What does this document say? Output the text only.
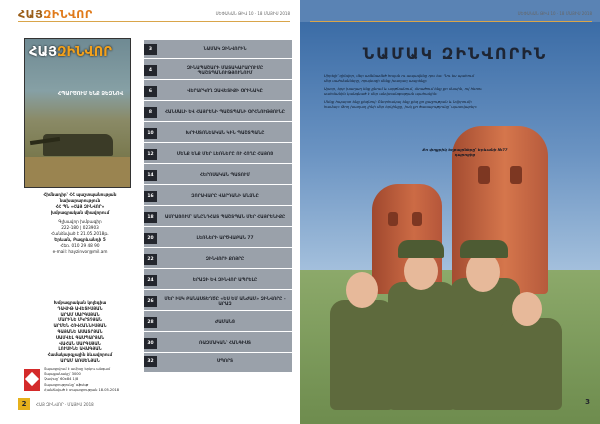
ՀԱՅԶԻՆՎՈՐ	ՍԵՓԱԿԱՆ ԹԻՎ 10 · 18 ՄԱՅԻՍ 2018
ՀԱՅԶԻՆՎՈՐ
ՀՊԱՐԾՈՒՄ ԵՆՔ ՁԵԶՆՈՎ
Հիմնադիր՝ ՀՀ պաշտպանության
նախարարություն
ՀՀ ՊՆ «ՀԱՅ ԶԻՆՎՈՐ»
խմբագրական միավորում
Գլխավոր խմբագիր
222-180 | 023903
Հանձնված է 21.05.2018թ.
Երևան, Բագրևանդի 5
Հեռ. 010 29 48 90
e-mail: hayzinvor@mil.am
Խմբագրական կոլեգիա
ԴԱՎԻԹ ԱՎԵՏԻՍՅԱՆ
ԱՐԱՄ ՍԱՐԳՍՅԱՆ
ՄԱՐԻՆԵ ՄԿՐՏՉՅԱՆ
ԱՐՄԵՆ ՀՈՎՀԱՆՆԻՍՅԱՆ
ԳԱՅԱՆԵ ԱՍԱՏՐՅԱՆ
ՍԱՄՎԵԼ ԳԱՍՊԱՐՅԱՆ
ՎԱՀԱՆ ՍԱՐԳՍՅԱՆ
ԼՈՒՍԻՆԵ ԱՎԱԳՅԱՆ
Համակարգչային ձևավորում
ԱՐԱՄ ԱՌՍԵՆՅԱՆ
Տպագրվում է ամիսը երկու անգամ
Տպաքանակը՝ 3000
Չափսը՝ 60x84 1/8
Տպագրությունը՝ օֆսեթ
Հանձնված է տպագրության 18.05.2018
3	ՆԱՄԱԿ ԶԻՆՎՈՐԻՆ
4	ԶԻՆԱՊԱՇԱՐԻ ՄԱՏԱԿԱՐԱՐՈՒՄԸ ՊԱՇՏՊԱՆՈՒԹՅՈՒՆՈՒՄ
6	ՎԵՐԱՐԿՈՂ ԶԱՎԵՏԻՔԻ ՕՐԻՆԱԿԸ
8	ՀԱՆՍԱԼԻ ԵՎ ՀԱՅՐԵՆԻ ՊԱՇՏՊԱՆԻ ՕՐՀՆՈՒԹՅՈՒՆԸ
10	ԽՐԻՍՏՈՆԵԱԿԱՆ ԿԻՆ ՊԱՇՏՊԱՆԸ
12	ՄԵՆՔ ԵՆՔ ՄԵՐ ԼԵՌՆԵՐԸ ՈՒ ՀՈՂԸ ՀԱՅՈՑ
14	ՀԵՐՈՍԱԿԱՆ ՊԱՏՈՒՄ
16	ԶՈՐԱՎԱՐԸ ՎԱՐԴԱՆԻ ԱՆՁՆԸ
18	ԱՄՐԱՑՈՒՄ՝ ԱՆԸՆԴՀԱՏ ՊԱՇՏՊԱՆ ՄԵՐ ՀԱՅՐԵՆԻՔԸ
20	ԼԵՌՆԵՐԻ ԱՐԾՎԱԲԱՆ 77
22	ԶԻՆՎՈՐԻ ՔՈՅՐԸ
24	ԵՐԱԶԻ ԵՎ ԶԻՆՎՈՐ ԱՊՐԵԼԸ
26	ՄԵՐ ԻՍԿ ԲԱՆԱՍՏԵՂԾԸ «ԵՍ ԵՄ ԱՆԺԱՄ» ԶԻՆՎՈՐԸ - ԱՐԱԶ
28	ԺԱՄԱՆՑ
30	ՌԱԶՄԱԿԱՆ՝ ՀԱՆԳԻՍՏ
32	ՍՊՈՐՏ
2	ՀԱՅ ԶԻՆՎՈՐ · ՄԱՅԻՍ 2018
ՍԵՓԱԿԱՆ ԹԻՎ 10 · 18 ՄԱՅԻՍ 2018
ՆԱՄԱԿ ԶԻՆՎՈՐԻՆ

Սիրելի՛ զինվոր, մեր ամենամեծ հույսն ու ապավենը դու ես: Դու ես պահում մեր սահմանները, որպեսզի մենք խաղաղ ապրենք:

Այսօր, երբ խաղաղ ենք քնում և արթնանում, մտածում ենք քո մասին, ով հեռու սահմանին կանգնած է մեր անվտանգության պահակին:

Մենք հպարտ ենք քեզնով: Շնորհակալ ենք քեզ քո քաջության և նվիրումի համար: Թող խաղաղ լինի մեր երկինքը, իսկ քո ծառայությունը՝ պատվաբեր:

Քո փոքրիկ եղբայրները՝ Երևանի №77 դպրոցից
3
